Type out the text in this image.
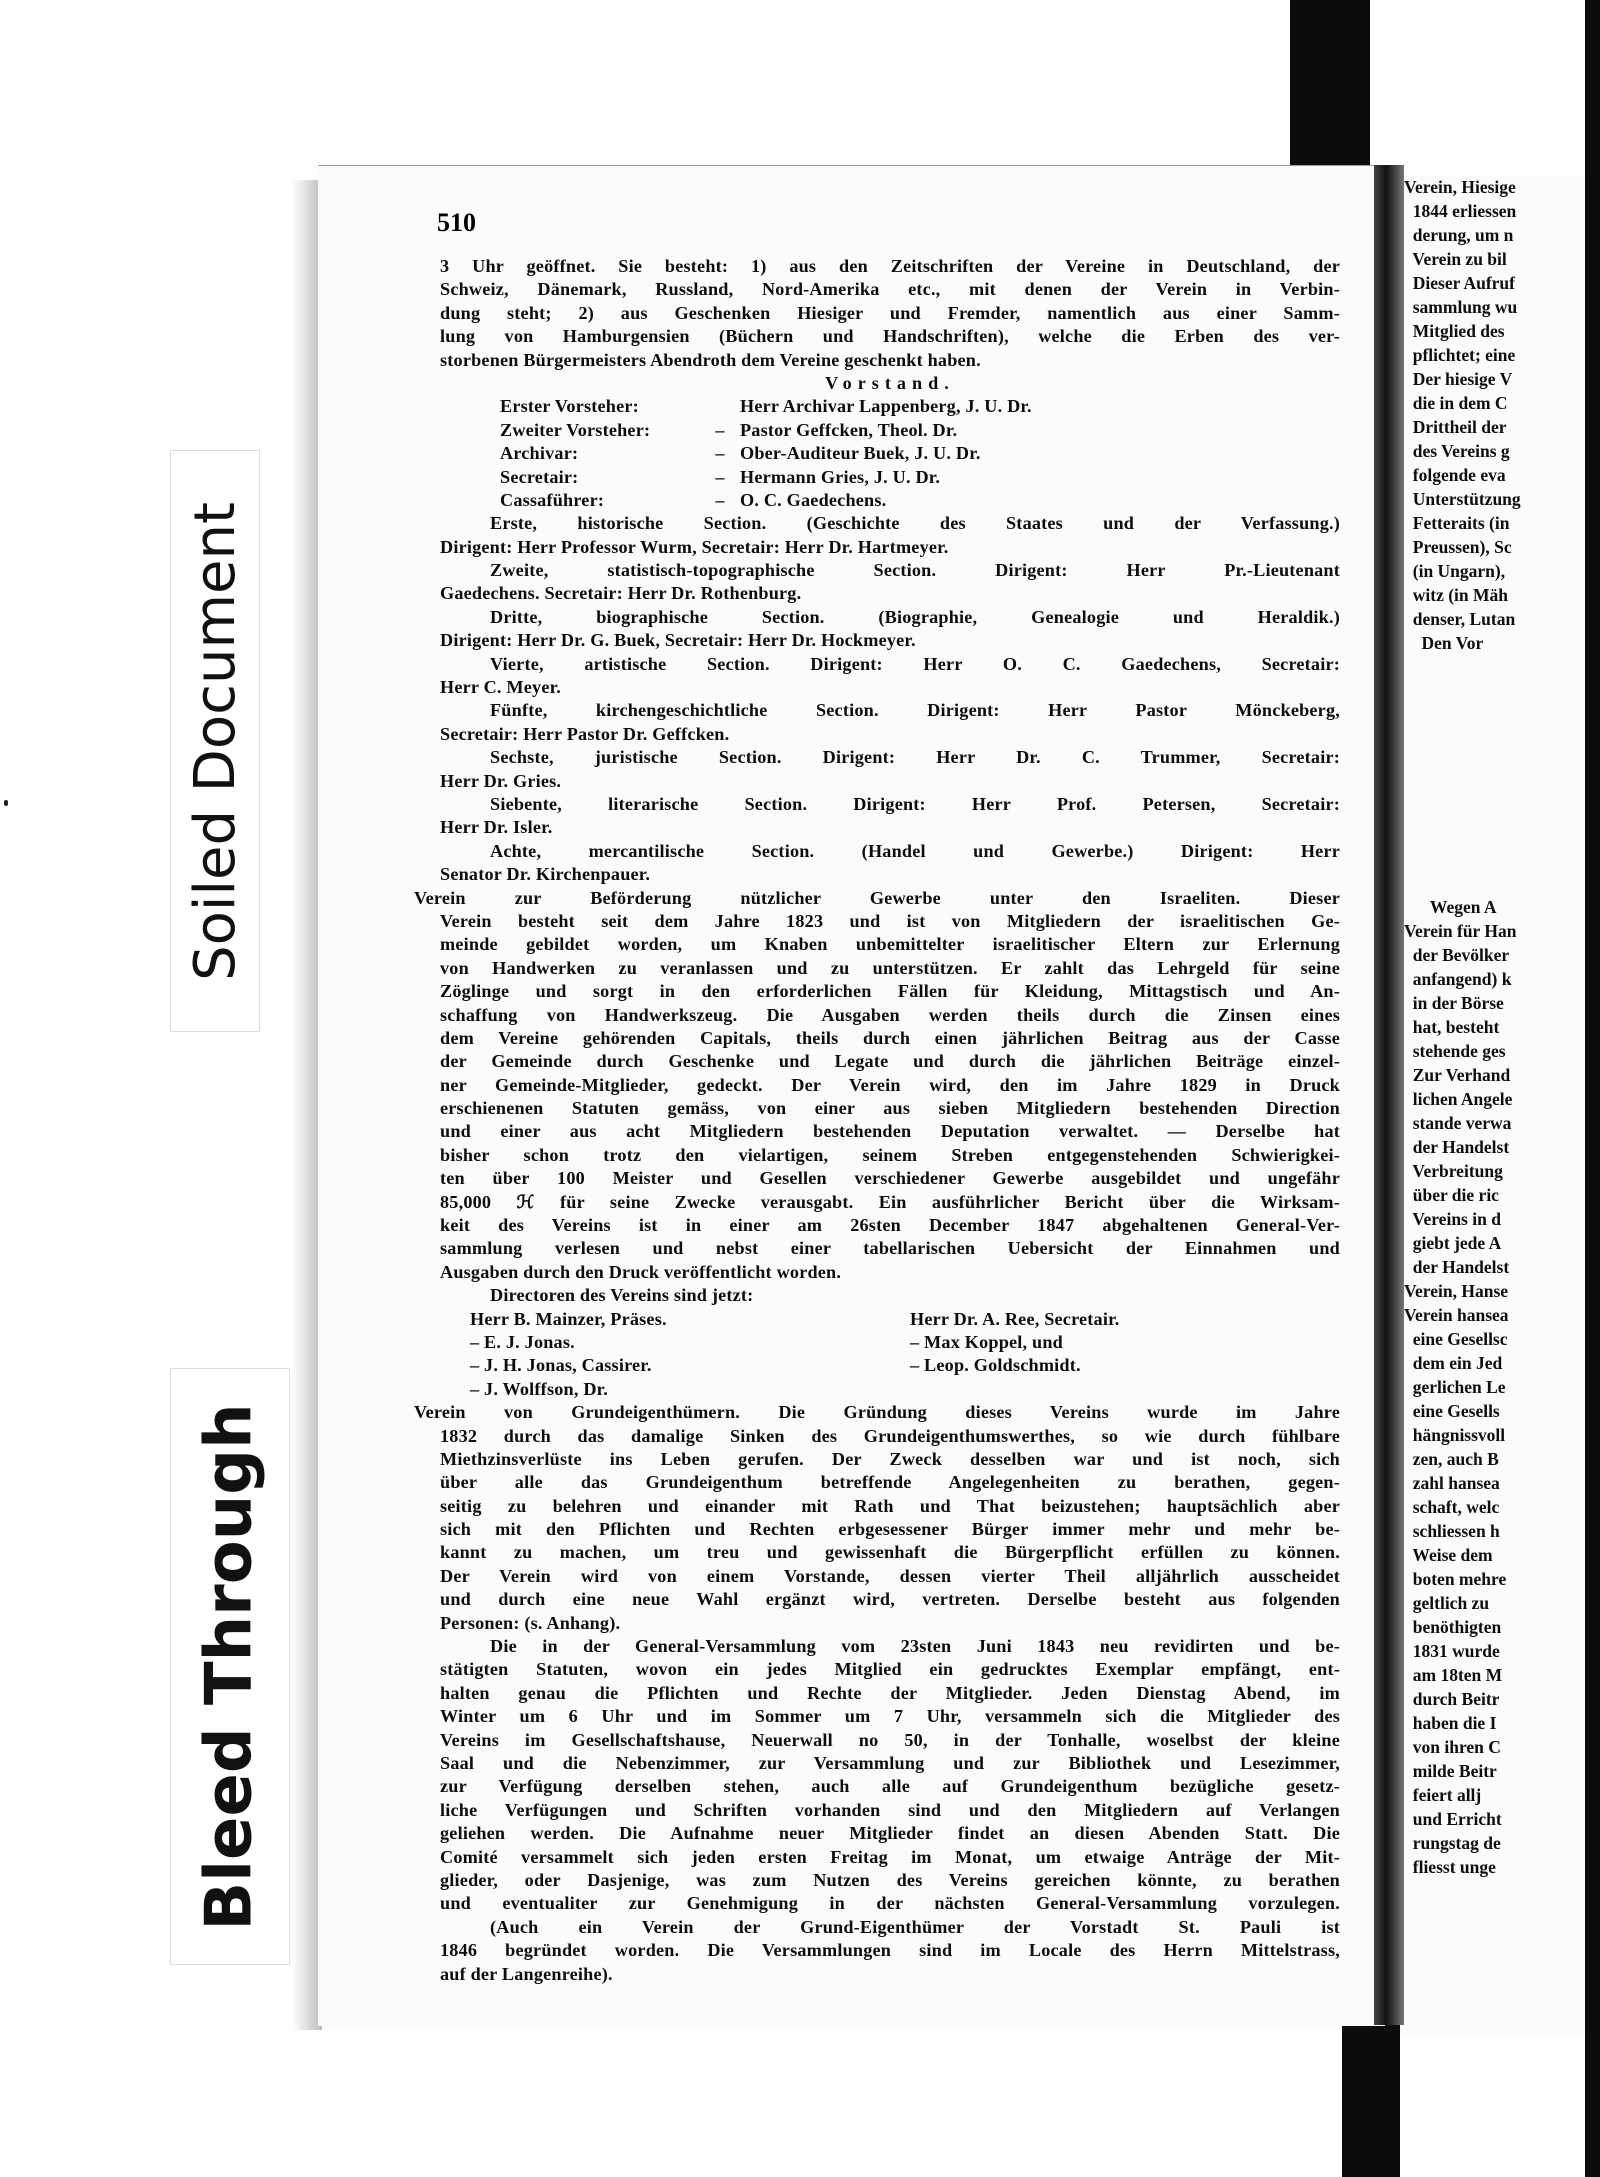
Soiled Document
Bleed Through
510
3 Uhr geöffnet. Sie besteht: 1) aus den Zeitschriften der Vereine in Deutschland, der
Schweiz, Dänemark, Russland, Nord-Amerika etc., mit denen der Verein in Verbin-
dung steht; 2) aus Geschenken Hiesiger und Fremder, namentlich aus einer Samm-
lung von Hamburgensien (Büchern und Handschriften), welche die Erben des ver-
storbenen Bürgermeisters Abendroth dem Vereine geschenkt haben.
Vorstand.
Erster Vorsteher:	Herr Archivar Lappenberg, J. U. Dr.
Zweiter Vorsteher:	– Pastor Geffcken, Theol. Dr.
Archivar:	– Ober-Auditeur Buek, J. U. Dr.
Secretair:	– Hermann Gries, J. U. Dr.
Cassaführer:	– O. C. Gaedechens.
Erste, historische Section. (Geschichte des Staates und der Verfassung.)
Dirigent: Herr Professor Wurm, Secretair: Herr Dr. Hartmeyer.
Zweite, statistisch-topographische Section. Dirigent: Herr Pr.-Lieutenant
Gaedechens. Secretair: Herr Dr. Rothenburg.
Dritte, biographische Section. (Biographie, Genealogie und Heraldik.)
Dirigent: Herr Dr. G. Buek, Secretair: Herr Dr. Hockmeyer.
Vierte, artistische Section. Dirigent: Herr O. C. Gaedechens, Secretair:
Herr C. Meyer.
Fünfte, kirchengeschichtliche Section. Dirigent: Herr Pastor Mönckeberg,
Secretair: Herr Pastor Dr. Geffcken.
Sechste, juristische Section. Dirigent: Herr Dr. C. Trummer, Secretair:
Herr Dr. Gries.
Siebente, literarische Section. Dirigent: Herr Prof. Petersen, Secretair:
Herr Dr. Isler.
Achte, mercantilische Section. (Handel und Gewerbe.) Dirigent: Herr
Senator Dr. Kirchenpauer.
Verein zur Beförderung nützlicher Gewerbe unter den Israeliten. Dieser
Verein besteht seit dem Jahre 1823 und ist von Mitgliedern der israelitischen Ge-
meinde gebildet worden, um Knaben unbemittelter israelitischer Eltern zur Erlernung
von Handwerken zu veranlassen und zu unterstützen. Er zahlt das Lehrgeld für seine
Zöglinge und sorgt in den erforderlichen Fällen für Kleidung, Mittagstisch und An-
schaffung von Handwerkszeug. Die Ausgaben werden theils durch die Zinsen eines
dem Vereine gehörenden Capitals, theils durch einen jährlichen Beitrag aus der Casse
der Gemeinde durch Geschenke und Legate und durch die jährlichen Beiträge einzel-
ner Gemeinde-Mitglieder, gedeckt. Der Verein wird, den im Jahre 1829 in Druck
erschienenen Statuten gemäss, von einer aus sieben Mitgliedern bestehenden Direction
und einer aus acht Mitgliedern bestehenden Deputation verwaltet. — Derselbe hat
bisher schon trotz den vielartigen, seinem Streben entgegenstehenden Schwierigkei-
ten über 100 Meister und Gesellen verschiedener Gewerbe ausgebildet und ungefähr
85,000 ℋ für seine Zwecke verausgabt. Ein ausführlicher Bericht über die Wirksam-
keit des Vereins ist in einer am 26sten December 1847 abgehaltenen General-Ver-
sammlung verlesen und nebst einer tabellarischen Uebersicht der Einnahmen und
Ausgaben durch den Druck veröffentlicht worden.
Directoren des Vereins sind jetzt:
Herr B. Mainzer, Präses.	Herr Dr. A. Ree, Secretair.
– E. J. Jonas.	– Max Koppel, und
– J. H. Jonas, Cassirer.	– Leop. Goldschmidt.
– J. Wolffson, Dr.
Verein von Grundeigenthümern. Die Gründung dieses Vereins wurde im Jahre
1832 durch das damalige Sinken des Grundeigenthumswerthes, so wie durch fühlbare
Miethzinsverlüste ins Leben gerufen. Der Zweck desselben war und ist noch, sich
über alle das Grundeigenthum betreffende Angelegenheiten zu berathen, gegen-
seitig zu belehren und einander mit Rath und That beizustehen; hauptsächlich aber
sich mit den Pflichten und Rechten erbgesessener Bürger immer mehr und mehr be-
kannt zu machen, um treu und gewissenhaft die Bürgerpflicht erfüllen zu können.
Der Verein wird von einem Vorstande, dessen vierter Theil alljährlich ausscheidet
und durch eine neue Wahl ergänzt wird, vertreten. Derselbe besteht aus folgenden
Personen: (s. Anhang).
Die in der General-Versammlung vom 23sten Juni 1843 neu revidirten und be-
stätigten Statuten, wovon ein jedes Mitglied ein gedrucktes Exemplar empfängt, ent-
halten genau die Pflichten und Rechte der Mitglieder. Jeden Dienstag Abend, im
Winter um 6 Uhr und im Sommer um 7 Uhr, versammeln sich die Mitglieder des
Vereins im Gesellschaftshause, Neuerwall no 50, in der Tonhalle, woselbst der kleine
Saal und die Nebenzimmer, zur Versammlung und zur Bibliothek und Lesezimmer,
zur Verfügung derselben stehen, auch alle auf Grundeigenthum bezügliche gesetz-
liche Verfügungen und Schriften vorhanden sind und den Mitgliedern auf Verlangen
geliehen werden. Die Aufnahme neuer Mitglieder findet an diesen Abenden Statt. Die
Comité versammelt sich jeden ersten Freitag im Monat, um etwaige Anträge der Mit-
glieder, oder Dasjenige, was zum Nutzen des Vereins gereichen könnte, zu berathen
und eventualiter zur Genehmigung in der nächsten General-Versammlung vorzulegen.
(Auch ein Verein der Grund-Eigenthümer der Vorstadt St. Pauli ist
1846 begründet worden. Die Versammlungen sind im Locale des Herrn Mittelstrass,
auf der Langenreihe).
Verein, Hiesige
1844 erliessen
derung, um n
Verein zu bil
Dieser Aufruf
sammlung wu
Mitglied des
pflichtet; eine
Der hiesige V
die in dem C
Drittheil der
des Vereins g
folgende eva
Unterstützung
Fetteraits (in
Preussen), Sc
(in Ungarn),
witz (in Mäh
denser, Lutan
Den Vor
Wegen A
Verein für Han
der Bevölker
anfangend) k
in der Börse
hat, besteht
stehende ges
Zur Verhand
lichen Angele
stande verwa
der Handelst
Verbreitung
über die ric
Vereins in d
giebt jede A
der Handelst
Verein, Hanse
Verein hansea
eine Gesellsc
dem ein Jed
gerlichen Le
eine Gesells
hängnissvoll
zen, auch B
zahl hansea
schaft, welc
schliessen h
Weise dem
boten mehre
geltlich zu
benöthigten
1831 wurde
am 18ten M
durch Beitr
haben die I
von ihren C
milde Beitr
feiert allj
und Erricht
rungstag de
fliesst unge
